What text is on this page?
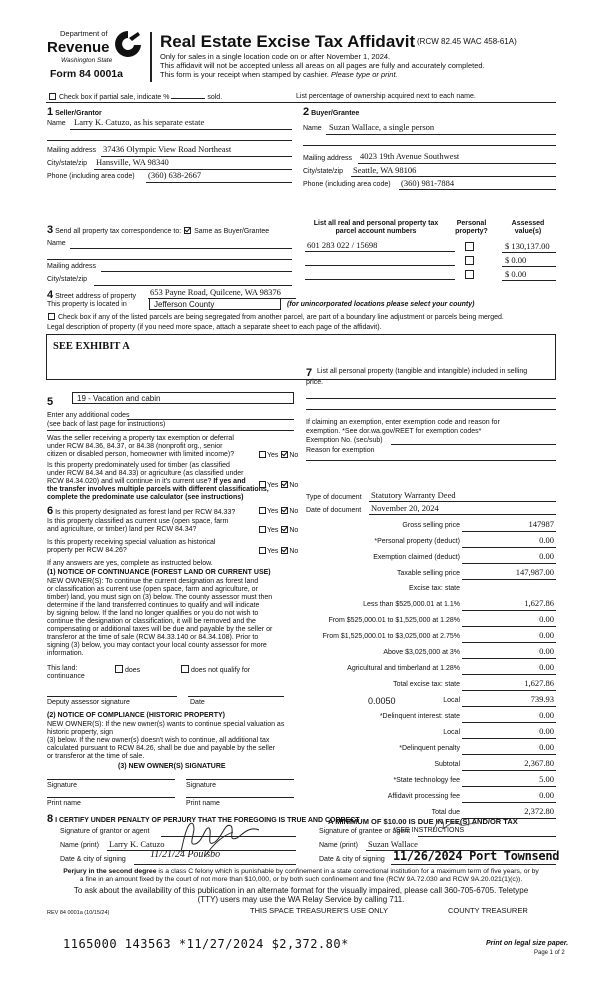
Department of
Revenue
Washington State
Form 84 0001a
Real Estate Excise Tax Affidavit (RCW 82.45 WAC 458-61A)
Only for sales in a single location code on or after November 1, 2024.
This affidavit will not be accepted unless all areas on all pages are fully and accurately completed.
This form is your receipt when stamped by cashier. Please type or print.
Check box if partial sale, indicate %	sold.	List percentage of ownership acquired next to each name.
1 Seller/Grantor
Name Larry K. Catuzo, as his separate estate
Mailing address 37436 Olympic View Road Northeast
City/state/zip Hansville, WA 98340
Phone (including area code) (360) 638-2667
2 Buyer/Grantee
Name Suzan Wallace, a single person
Mailing address 4023 19th Avenue Southwest
City/state/zip Seattle, WA 98106
Phone (including area code) (360) 981-7884
3 Send all property tax correspondence to: Same as Buyer/Grantee
Name
Mailing address
City/state/zip
List all real and personal property tax
parcel account numbers
Personal
property?
Assessed
value(s)
601 283 022 / 15698	$ 130,137.00
$ 0.00
$ 0.00
4 Street address of property 653 Payne Road, Quilcene, WA 98376
This property is located in	Jefferson County	(for unincorporated locations please select your county)
Check box if any of the listed parcels are being segregated from another parcel, are part of a boundary line adjustment or parcels being merged.
Legal description of property (if you need more space, attach a separate sheet to each page of the affidavit).
SEE EXHIBIT A
5	19 - Vacation and cabin
Enter any additional codes
(see back of last page for instructions)
Was the seller receiving a property tax exemption or deferral
under RCW 84.36, 84.37, or 84.38 (nonprofit org., senior
citizen or disabled person, homeowner with limited income)?	Yes No
Is this property predominately used for timber (as classified
under RCW 84.34 and 84.33) or agriculture (as classified under
RCW 84.34.020) and will continue in it's current use? If yes and
the transfer involves multiple parcels with different classifications,
complete the predominate use calculator (see instructions)
Yes No
6 Is this property designated as forest land per RCW 84.33?	Yes No
Is this property classified as current use (open space, farm
and agriculture, or timber) land per RCW 84.34?	Yes No
Is this property receiving special valuation as historical
property per RCW 84.26?	Yes No
If any answers are yes, complete as instructed below.
(1) NOTICE OF CONTINUANCE (FOREST LAND OR CURRENT USE)
NEW OWNER(S): To continue the current designation as forest land
or classification as current use (open space, farm and agriculture, or
timber) land, you must sign on (3) below. The county assessor must then
determine if the land transferred continues to qualify and will indicate
by signing below. If the land no longer qualifies or you do not wish to
continue the designation or classification, it will be removed and the
compensating or additional taxes will be due and payable by the seller or
transferor at the time of sale (RCW 84.33.140 or 84.34.108). Prior to
signing (3) below, you may contact your local county assessor for more
information.
This land:
continuance
does	does not qualify for
Deputy assessor signature	Date
(2) NOTICE OF COMPLIANCE (HISTORIC PROPERTY)
NEW OWNER(S): If the new owner(s) wants to continue special valuation as historic property, sign
(3) below. If the new owner(s) doesn't wish to continue, all additional tax
calculated pursuant to RCW 84.26, shall be due and payable by the seller
or transferor at the time of sale.
(3) NEW OWNER(S) SIGNATURE
Signature	Signature
Print name	Print name
7 List all personal property (tangible and intangible) included in selling
price.
If claiming an exemption, enter exemption code and reason for
exemption. *See dor.wa.gov/REET for exemption codes*
Exemption No. (sec/sub)
Reason for exemption
Type of document Statutory Warranty Deed
Date of document November 20, 2024
Gross selling price	147987
*Personal property (deduct)	0.00
Exemption claimed (deduct)	0.00
Taxable selling price	147,987.00
Excise tax: state
Less than $525,000.01 at 1.1%	1,627.86
From $525,000.01 to $1,525,000 at 1.28%	0.00
From $1,525,000.01 to $3,025,000 at 2.75%	0.00
Above $3,025,000 at 3%	0.00
Agricultural and timberland at 1.28%	0.00
Total excise tax: state	1,627.86
0.0050	Local	739.93
*Delinquent interest: state	0.00
Local	0.00
*Delinquent penalty	0.00
Subtotal	2,367.80
*State technology fee	5.00
Affidavit processing fee	0.00
Total due	2,372.80
A MINIMUM OF $10.00 IS DUE IN FEE(S) AND/OR TAX
*SEE INSTRUCTIONS
8 I CERTIFY UNDER PENALTY OF PERJURY THAT THE FOREGOING IS TRUE AND CORRECT
Signature of grantor or agent
Name (print) Larry K. Catuzo
Date & city of signing 11/21/24 Poulsbo
Signature of grantee or agent
Name (print) Suzan Wallace
Date & city of signing 11/26/2024 Port Townsend
Perjury in the second degree is a class C felony which is punishable by confinement in a state correctional institution for a maximum term of five years, or by
a fine in an amount fixed by the court of not more than $10,000, or by both such confinement and fine (RCW 9A.72.030 and RCW 9A.20.021(1)(c)).
To ask about the availability of this publication in an alternate format for the visually impaired, please call 360-705-6705. Teletype
(TTY) users may use the WA Relay Service by calling 711.
REV 84 0001a (10/15/24)	THIS SPACE TREASURER'S USE ONLY	COUNTY TREASURER
1165000 143563 *11/27/2024 $2,372.80*	Print on legal size paper.
Page 1 of 2
